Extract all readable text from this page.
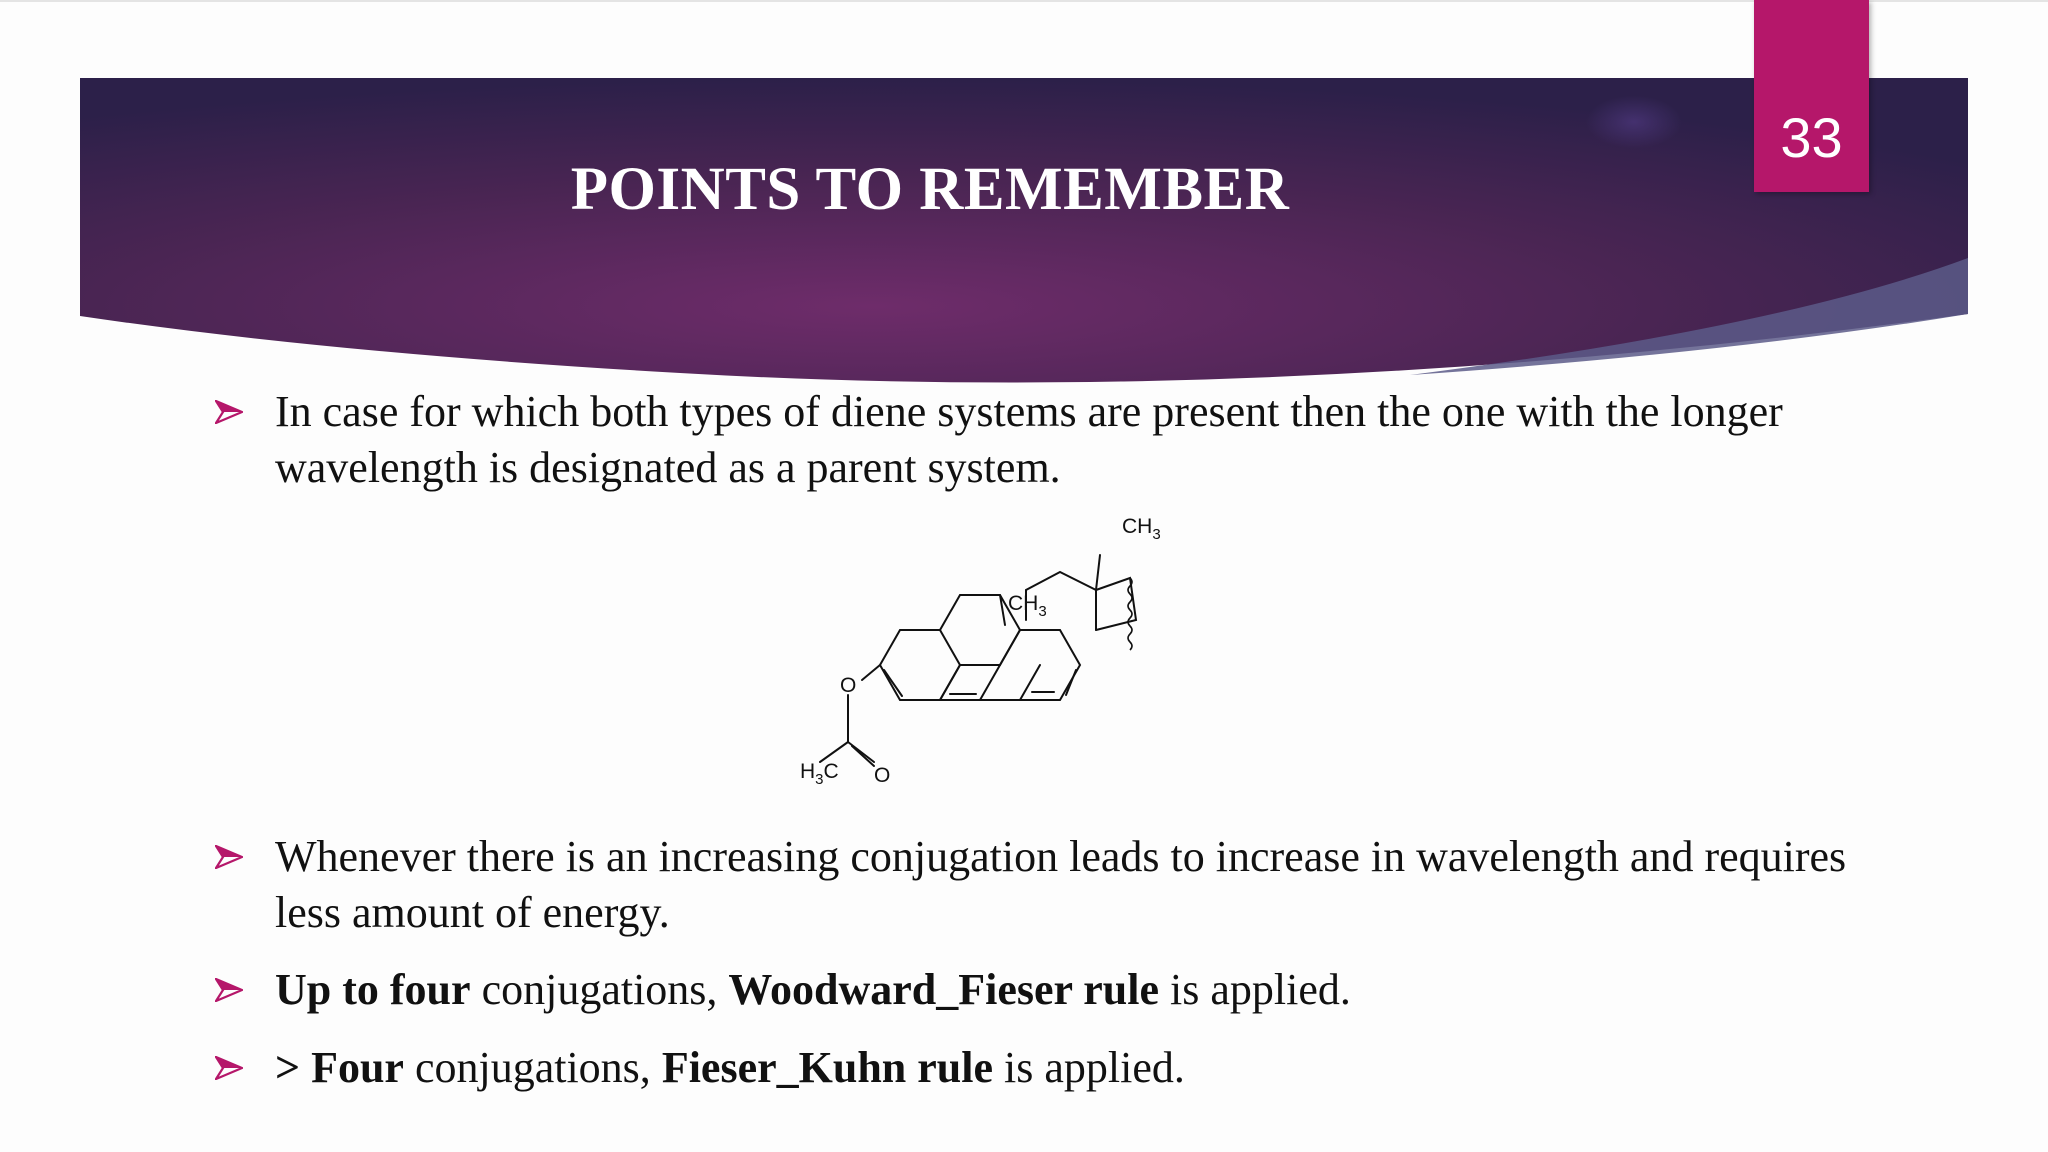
POINTS TO REMEMBER
33
In case for which both types of diene systems are present then the one with the longer wavelength is designated as a parent system.
Whenever there is an increasing conjugation leads to increase in wavelength and requires less amount of energy.
Up to four conjugations, Woodward_Fieser rule is applied.
> Four conjugations, Fieser_Kuhn rule is applied.
$CH_3$
$CH_3$
O
$H_3C$ O
